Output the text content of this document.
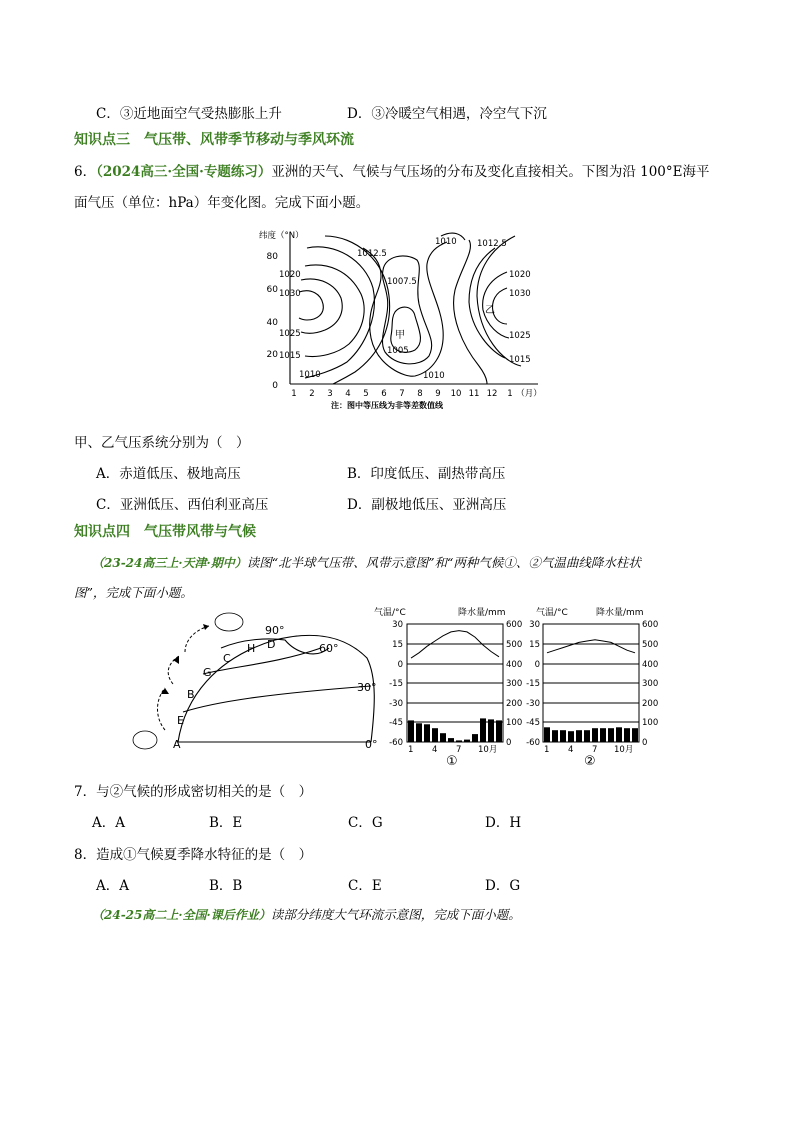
C．③近地面空气受热膨胀上升	D．③冷暖空气相遇，冷空气下沉
知识点三　气压带、风带季节移动与季风环流
6．（2024高三·全国·专题练习）亚洲的天气、气候与气压场的分布及变化直接相关。下图为沿 100°E海平
面气压（单位：hPa）年变化图。完成下面小题。
纬度（°N）
80
60
40
20
0
1 2 3 4 5 6 7 8 9 10 11 12 1 （月）
1012.5
1010 1012.5
1020
1030
1025
1015
1010
1007.5
甲
1005
1010
1020
1030
乙
1025
1015
注：图中等压线为非等差数值线
甲、乙气压系统分别为（　）
A．赤道低压、极地高压	B．印度低压、副热带高压
C．亚洲低压、西伯利亚高压	D．副极地低压、亚洲高压
知识点四　气压带风带与气候
（23-24高三上·天津·期中）读图“北半球气压带、风带示意图”和“两种气候①、②气温曲线降水柱状
图”，完成下面小题。
90°
60°
30°
0°
D
H
C
G
B
E
A
气温/°C	降水量/mm
30
15
0
-15
-30
-45
-60
600
500
400
300
200
100
0
1 4 7 10月
①
气温/°C	降水量/mm
30
15
0
-15
-30
-45
-60
600
500
400
300
200
100
0
1 4 7 10月
②
7．与②气候的形成密切相关的是（　）
A．A	B．E	C．G	D．H
8．造成①气候夏季降水特征的是（　）
A．A	B．B	C．E	D．G
（24-25高二上·全国·课后作业）读部分纬度大气环流示意图，完成下面小题。
